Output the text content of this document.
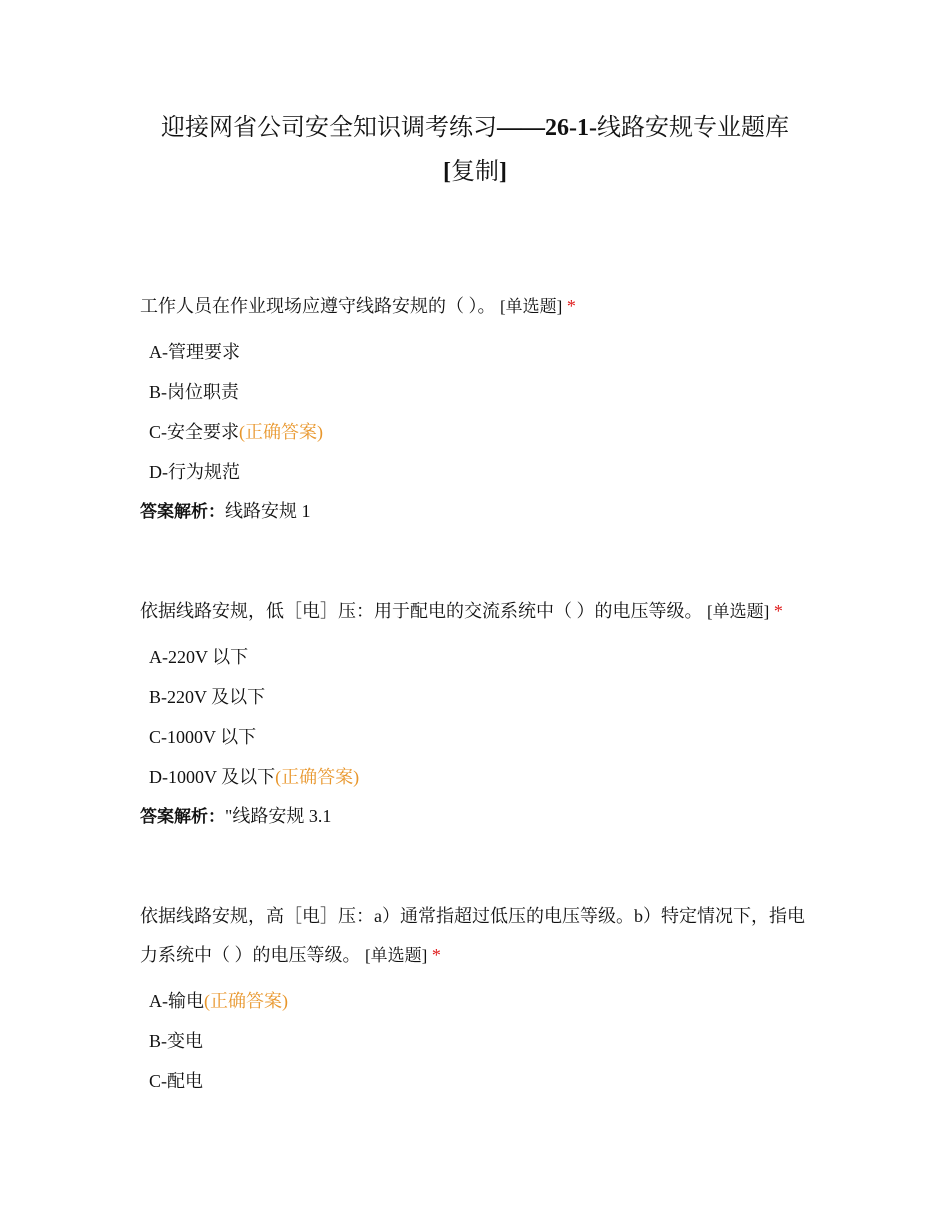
迎接网省公司安全知识调考练习——26-1-线路安规专业题库
[复制]

工作人员在作业现场应遵守线路安规的（ ）。 [单选题] *

A-管理要求
B-岗位职责
C-安全要求(正确答案)
D-行为规范

答案解析：线路安规 1

依据线路安规，低［电］压：用于配电的交流系统中（ ）的电压等级。 [单选题] *

A-220V 以下
B-220V 及以下
C-1000V 以下
D-1000V 及以下(正确答案)

答案解析："线路安规 3.1

依据线路安规，高［电］压：a）通常指超过低压的电压等级。b）特定情况下，指电力系统中（ ）的电压等级。 [单选题] *

A-输电(正确答案)
B-变电
C-配电
